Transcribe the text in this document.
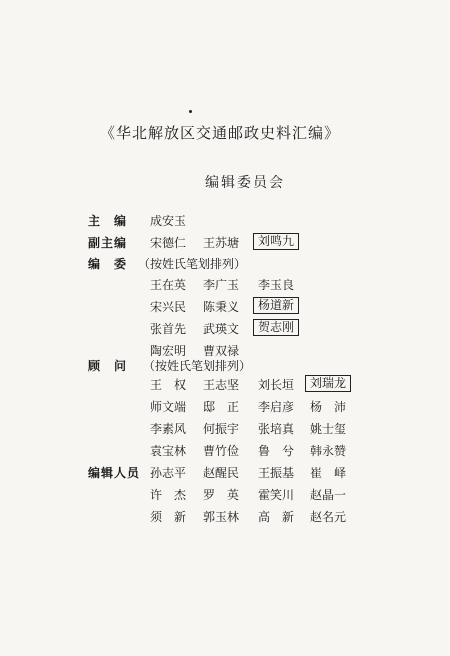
《华北解放区交通邮政史料汇编》
编辑委员会
主　编 成安玉
副主编 宋德仁 王苏塘	刘鸣九
编　委 （按姓氏笔划排列）
王在英 李广玉 李玉良
宋兴民 陈秉义	杨道新
张首先 武瑛文	贺志刚
陶宏明 曹双禄
顾　问 （按姓氏笔划排列）
王　权 王志坚 刘长垣	刘瑞龙
师文端 邸　正 李启彦 杨　沛
李素风 何振宇 张培真 姚士玺
袁宝林 曹竹俭 鲁　兮 韩永赞
编辑人员 孙志平 赵醒民 王振基 崔　峄
许　杰 罗　英 霍笑川 赵晶一
须　新 郭玉林 高　新 赵名元
